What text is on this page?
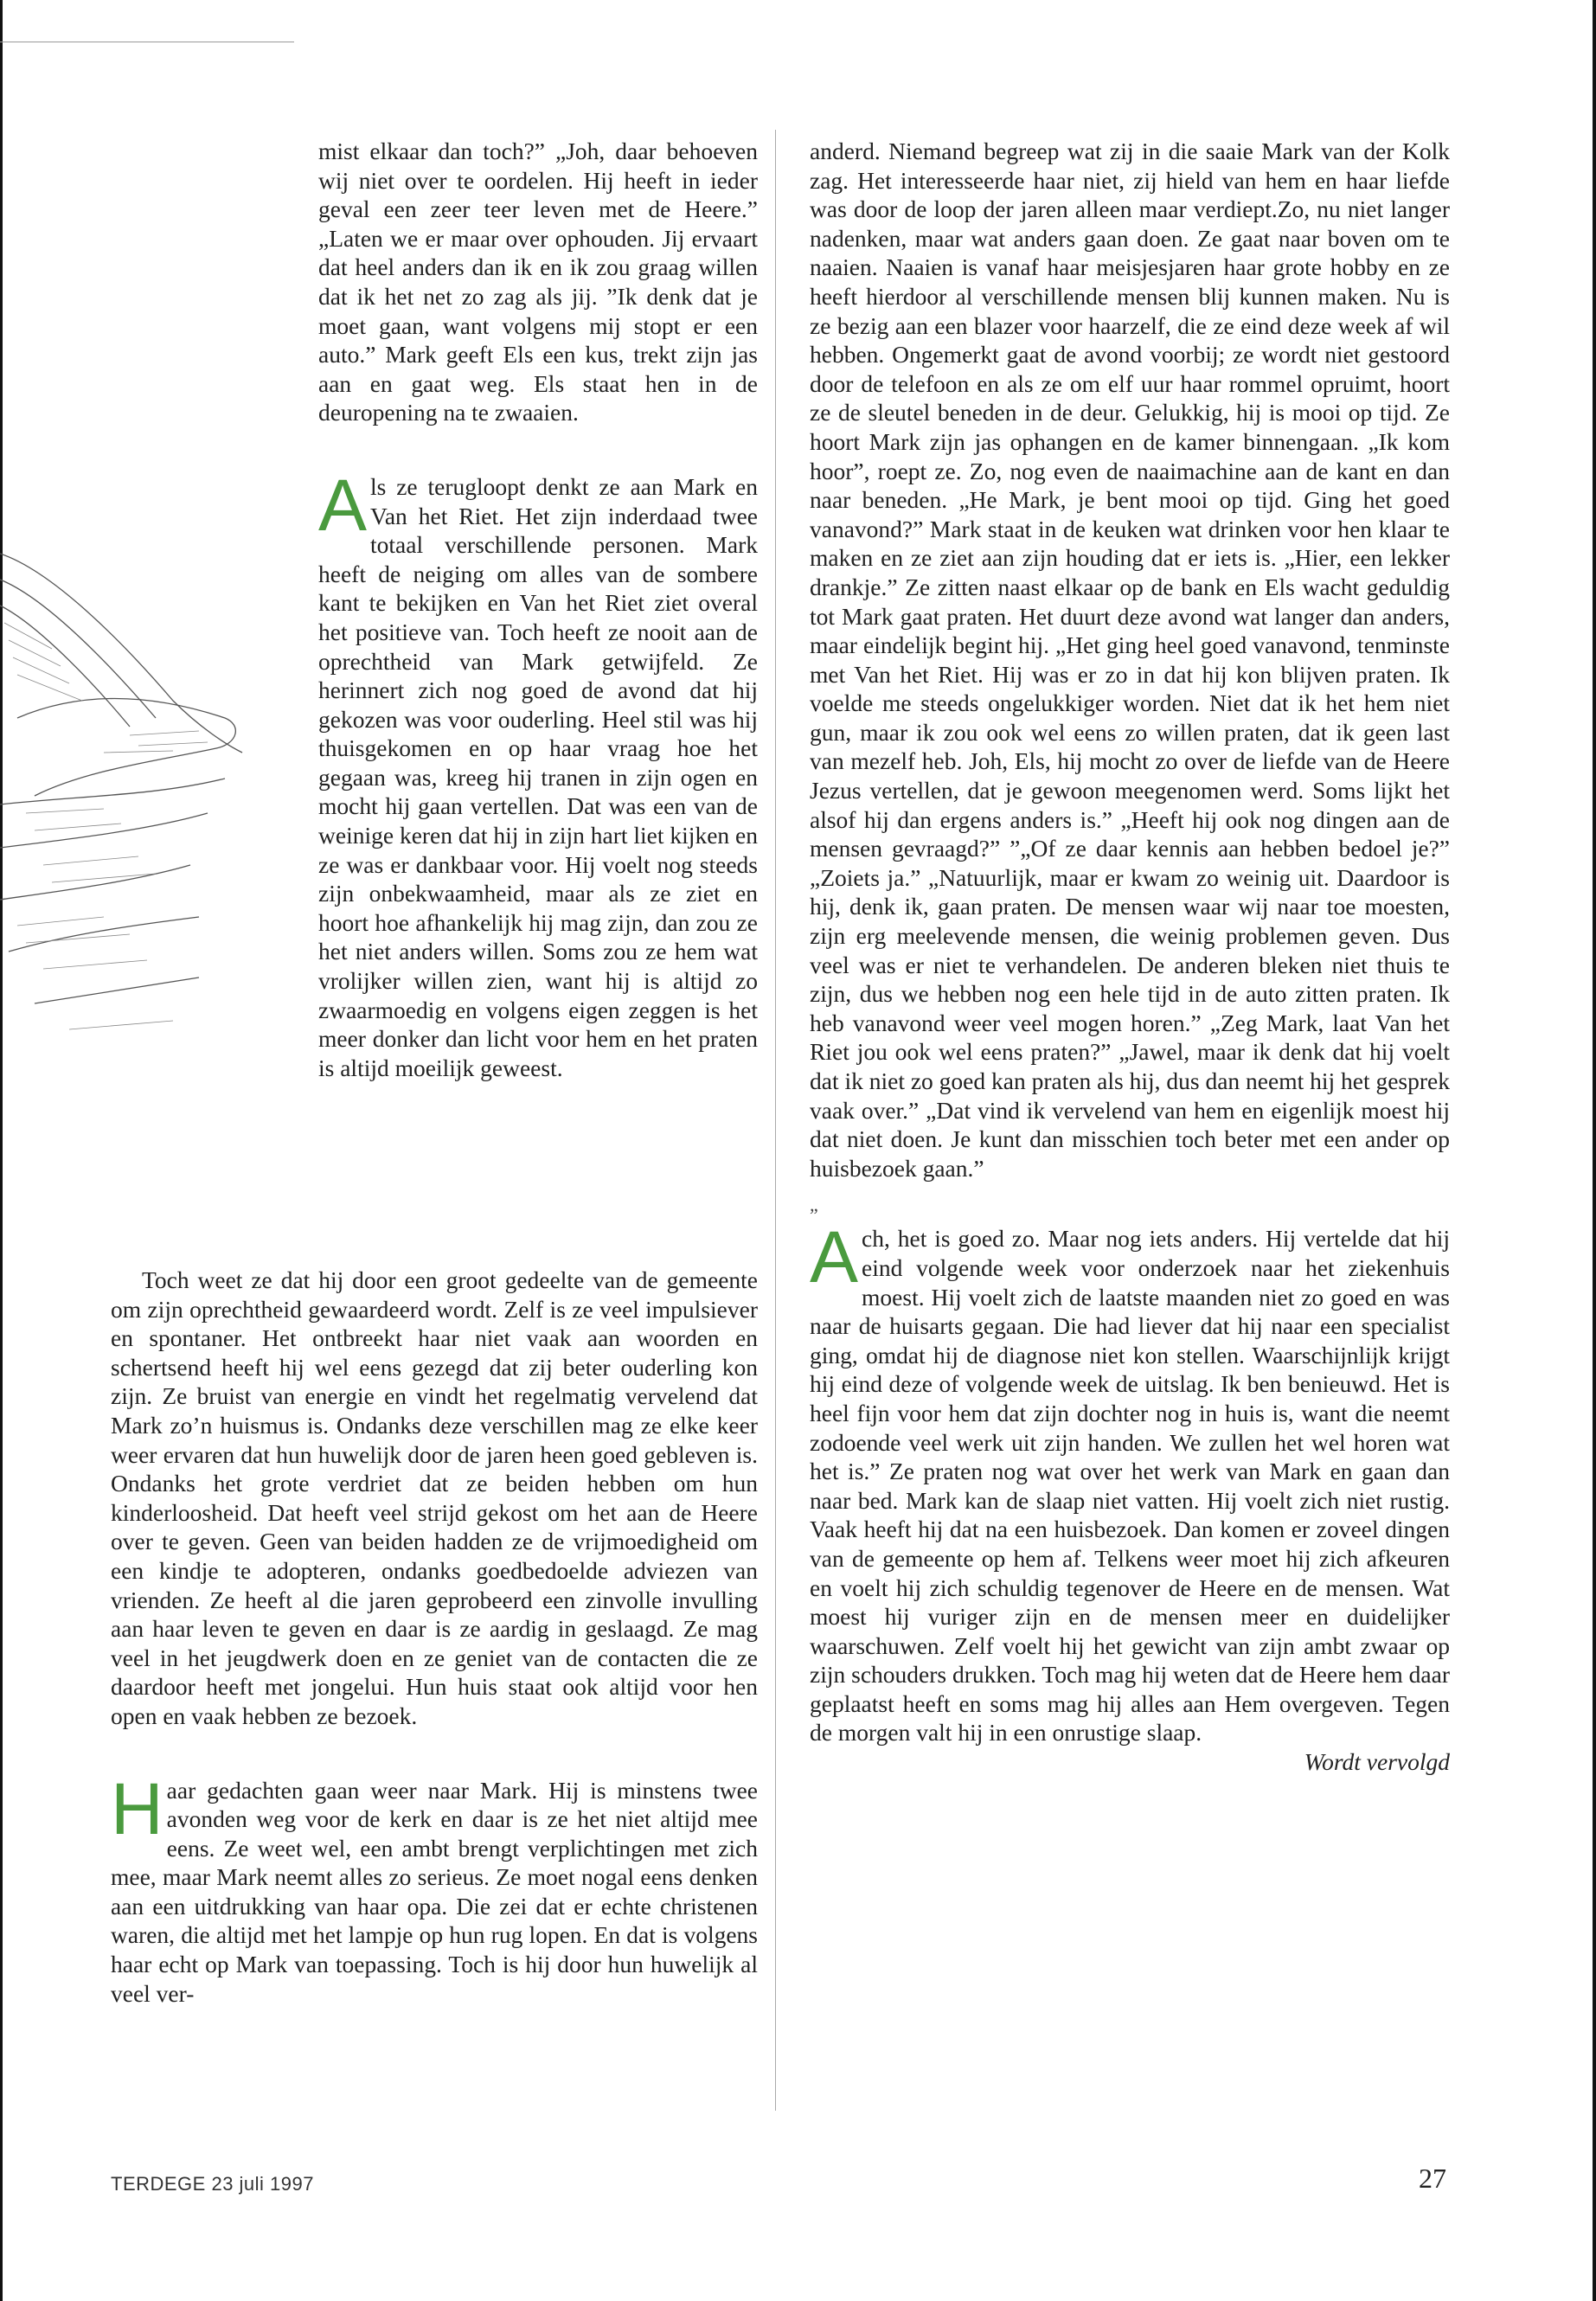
mist elkaar dan toch?” „Joh, daar behoeven wij niet over te oordelen. Hij heeft in ieder geval een zeer teer leven met de Heere.” „Laten we er maar over ophouden. Jij ervaart dat heel anders dan ik en ik zou graag willen dat ik het net zo zag als jij. ”Ik denk dat je moet gaan, want volgens mij stopt er een auto.” Mark geeft Els een kus, trekt zijn jas aan en gaat weg. Els staat hen in de deuropening na te zwaaien.

Als ze terugloopt denkt ze aan Mark en Van het Riet. Het zijn inderdaad twee totaal verschillende personen. Mark heeft de neiging om alles van de sombere kant te bekijken en Van het Riet ziet overal het positieve van. Toch heeft ze nooit aan de oprechtheid van Mark getwijfeld. Ze herinnert zich nog goed de avond dat hij gekozen was voor ouderling. Heel stil was hij thuisgekomen en op haar vraag hoe het gegaan was, kreeg hij tranen in zijn ogen en mocht hij gaan vertellen. Dat was een van de weinige keren dat hij in zijn hart liet kijken en ze was er dankbaar voor. Hij voelt nog steeds zijn onbekwaamheid, maar als ze ziet en hoort hoe afhankelijk hij mag zijn, dan zou ze het niet anders willen. Soms zou ze hem wat vrolijker willen zien, want hij is altijd zo zwaarmoedig en volgens eigen zeggen is het meer donker dan licht voor hem en het praten is altijd moeilijk geweest.

Toch weet ze dat hij door een groot gedeelte van de gemeente om zijn oprechtheid gewaardeerd wordt. Zelf is ze veel impulsiever en spontaner. Het ontbreekt haar niet vaak aan woorden en schertsend heeft hij wel eens gezegd dat zij beter ouderling kon zijn. Ze bruist van energie en vindt het regelmatig vervelend dat Mark zo’n huismus is. Ondanks deze verschillen mag ze elke keer weer ervaren dat hun huwelijk door de jaren heen goed gebleven is. Ondanks het grote verdriet dat ze beiden hebben om hun kinderloosheid. Dat heeft veel strijd gekost om het aan de Heere over te geven. Geen van beiden hadden ze de vrijmoedigheid om een kindje te adopteren, ondanks goedbedoelde adviezen van vrienden. Ze heeft al die jaren geprobeerd een zinvolle invulling aan haar leven te geven en daar is ze aardig in geslaagd. Ze mag veel in het jeugdwerk doen en ze geniet van de contacten die ze daardoor heeft met jongelui. Hun huis staat ook altijd voor hen open en vaak hebben ze bezoek.

Haar gedachten gaan weer naar Mark. Hij is minstens twee avonden weg voor de kerk en daar is ze het niet altijd mee eens. Ze weet wel, een ambt brengt verplichtingen met zich mee, maar Mark neemt alles zo serieus. Ze moet nogal eens denken aan een uitdrukking van haar opa. Die zei dat er echte christenen waren, die altijd met het lampje op hun rug lopen. En dat is volgens haar echt op Mark van toepassing. Toch is hij door hun huwelijk al veel ver-

anderd. Niemand begreep wat zij in die saaie Mark van der Kolk zag. Het interesseerde haar niet, zij hield van hem en haar liefde was door de loop der jaren alleen maar verdiept.Zo, nu niet langer nadenken, maar wat anders gaan doen. Ze gaat naar boven om te naaien. Naaien is vanaf haar meisjesjaren haar grote hobby en ze heeft hierdoor al verschillende mensen blij kunnen maken. Nu is ze bezig aan een blazer voor haarzelf, die ze eind deze week af wil hebben. Ongemerkt gaat de avond voorbij; ze wordt niet gestoord door de telefoon en als ze om elf uur haar rommel opruimt, hoort ze de sleutel beneden in de deur. Gelukkig, hij is mooi op tijd. Ze hoort Mark zijn jas ophangen en de kamer binnengaan. „Ik kom hoor”, roept ze. Zo, nog even de naaimachine aan de kant en dan naar beneden. „He Mark, je bent mooi op tijd. Ging het goed vanavond?” Mark staat in de keuken wat drinken voor hen klaar te maken en ze ziet aan zijn houding dat er iets is. „Hier, een lekker drankje.” Ze zitten naast elkaar op de bank en Els wacht geduldig tot Mark gaat praten. Het duurt deze avond wat langer dan anders, maar eindelijk begint hij. „Het ging heel goed vanavond, tenminste met Van het Riet. Hij was er zo in dat hij kon blijven praten. Ik voelde me steeds ongelukkiger worden. Niet dat ik het hem niet gun, maar ik zou ook wel eens zo willen praten, dat ik geen last van mezelf heb. Joh, Els, hij mocht zo over de liefde van de Heere Jezus vertellen, dat je gewoon meegenomen werd. Soms lijkt het alsof hij dan ergens anders is.” „Heeft hij ook nog dingen aan de mensen gevraagd?” ”„Of ze daar kennis aan hebben bedoel je?” „Zoiets ja.” „Natuurlijk, maar er kwam zo weinig uit. Daardoor is hij, denk ik, gaan praten. De mensen waar wij naar toe moesten, zijn erg meelevende mensen, die weinig problemen geven. Dus veel was er niet te verhandelen. De anderen bleken niet thuis te zijn, dus we hebben nog een hele tijd in de auto zitten praten. Ik heb vanavond weer veel mogen horen.” „Zeg Mark, laat Van het Riet jou ook wel eens praten?” „Jawel, maar ik denk dat hij voelt dat ik niet zo goed kan praten als hij, dus dan neemt hij het gesprek vaak over.” „Dat vind ik vervelend van hem en eigenlijk moest hij dat niet doen. Je kunt dan misschien toch beter met een ander op huisbezoek gaan.”

„

Ach, het is goed zo. Maar nog iets anders. Hij vertelde dat hij eind volgende week voor onderzoek naar het ziekenhuis moest. Hij voelt zich de laatste maanden niet zo goed en was naar de huisarts gegaan. Die had liever dat hij naar een specialist ging, omdat hij de diagnose niet kon stellen. Waarschijnlijk krijgt hij eind deze of volgende week de uitslag. Ik ben benieuwd. Het is heel fijn voor hem dat zijn dochter nog in huis is, want die neemt zodoende veel werk uit zijn handen. We zullen het wel horen wat het is.” Ze praten nog wat over het werk van Mark en gaan dan naar bed. Mark kan de slaap niet vatten. Hij voelt zich niet rustig. Vaak heeft hij dat na een huisbezoek. Dan komen er zoveel dingen van de gemeente op hem af. Telkens weer moet hij zich afkeuren en voelt hij zich schuldig tegenover de Heere en de mensen. Wat moest hij vuriger zijn en de mensen meer en duidelijker waarschuwen. Zelf voelt hij het gewicht van zijn ambt zwaar op zijn schouders drukken. Toch mag hij weten dat de Heere hem daar geplaatst heeft en soms mag hij alles aan Hem overgeven. Tegen de morgen valt hij in een onrustige slaap.

Wordt vervolgd

TERDEGE 23 juli 1997	27
